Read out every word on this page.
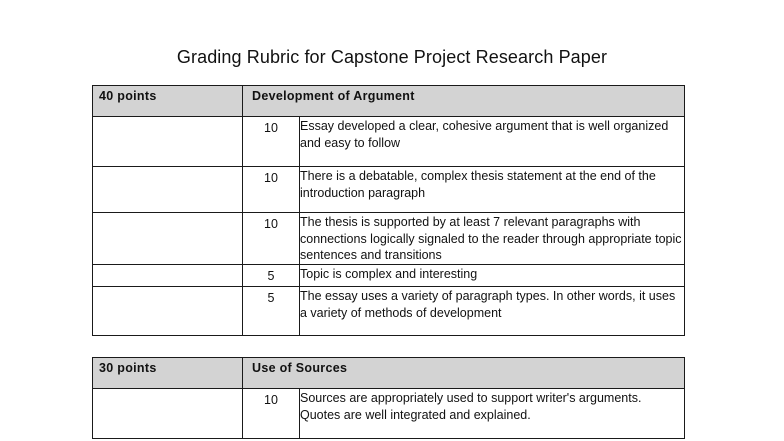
Grading Rubric for Capstone Project Research Paper
40 points	Development of Argument	
	10	Essay developed a clear, cohesive argument that is well organized and easy to follow
	10	There is a debatable, complex thesis statement at the end of the introduction paragraph
	10	The thesis is supported by at least 7 relevant paragraphs with connections logically signaled to the reader through appropriate topic sentences and transitions
	5	Topic is complex and interesting
	5	The essay uses a variety of paragraph types. In other words, it uses a variety of methods of development
30 points	Use of Sources	
	10	Sources are appropriately used to support writer's arguments. Quotes are well integrated and explained.
